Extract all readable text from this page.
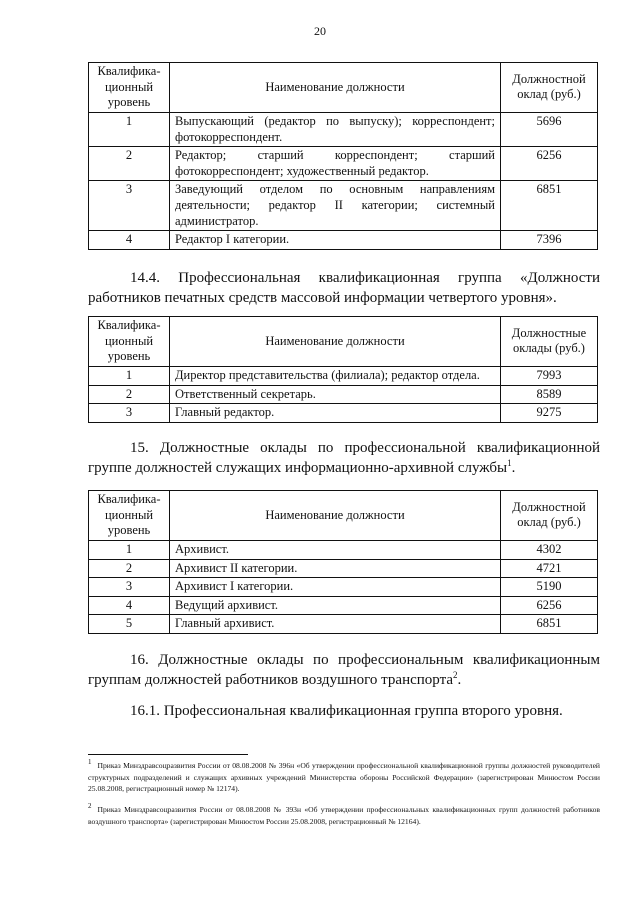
20
Квалифика-
ционный
уровень	Наименование должности	Должностной
оклад (руб.)
1	Выпускающий (редактор по выпуску); корреспондент; фотокорреспондент.	5696
2	Редактор; старший корреспондент; старший фотокорреспондент; художественный редактор.	6256
3	Заведующий отделом по основным направлениям деятельности; редактор II категории; системный администратор.	6851
4	Редактор I категории.	7396
14.4. Профессиональная квалификационная группа «Должности работников печатных средств массовой информации четвертого уровня».
Квалифика-
ционный
уровень	Наименование должности	Должностные
оклады (руб.)
1	Директор представительства (филиала); редактор отдела.	7993
2	Ответственный секретарь.	8589
3	Главный редактор.	9275
15. Должностные оклады по профессиональной квалификационной группе должностей служащих информационно-архивной службы$^1$.
Квалифика-
ционный
уровень	Наименование должности	Должностной
оклад (руб.)
1	Архивист.	4302
2	Архивист II категории.	4721
3	Архивист I категории.	5190
4	Ведущий архивист.	6256
5	Главный архивист.	6851
16. Должностные оклады по профессиональным квалификационным группам должностей работников воздушного транспорта$^2$.
16.1. Профессиональная квалификационная группа второго уровня.
1 Приказ Минздравсоцразвития России от 08.08.2008 № 396н «Об утверждении профессиональной квалификационной группы должностей руководителей структурных подразделений и служащих архивных учреждений Министерства обороны Российской Федерации» (зарегистрирован Минюстом России 25.08.2008, регистрационный номер № 12174).
2 Приказ Минздравсоцразвития России от 08.08.2008 № 393н «Об утверждении профессиональных квалификационных групп должностей работников воздушного транспорта» (зарегистрирован Минюстом России 25.08.2008, регистрационный № 12164).
